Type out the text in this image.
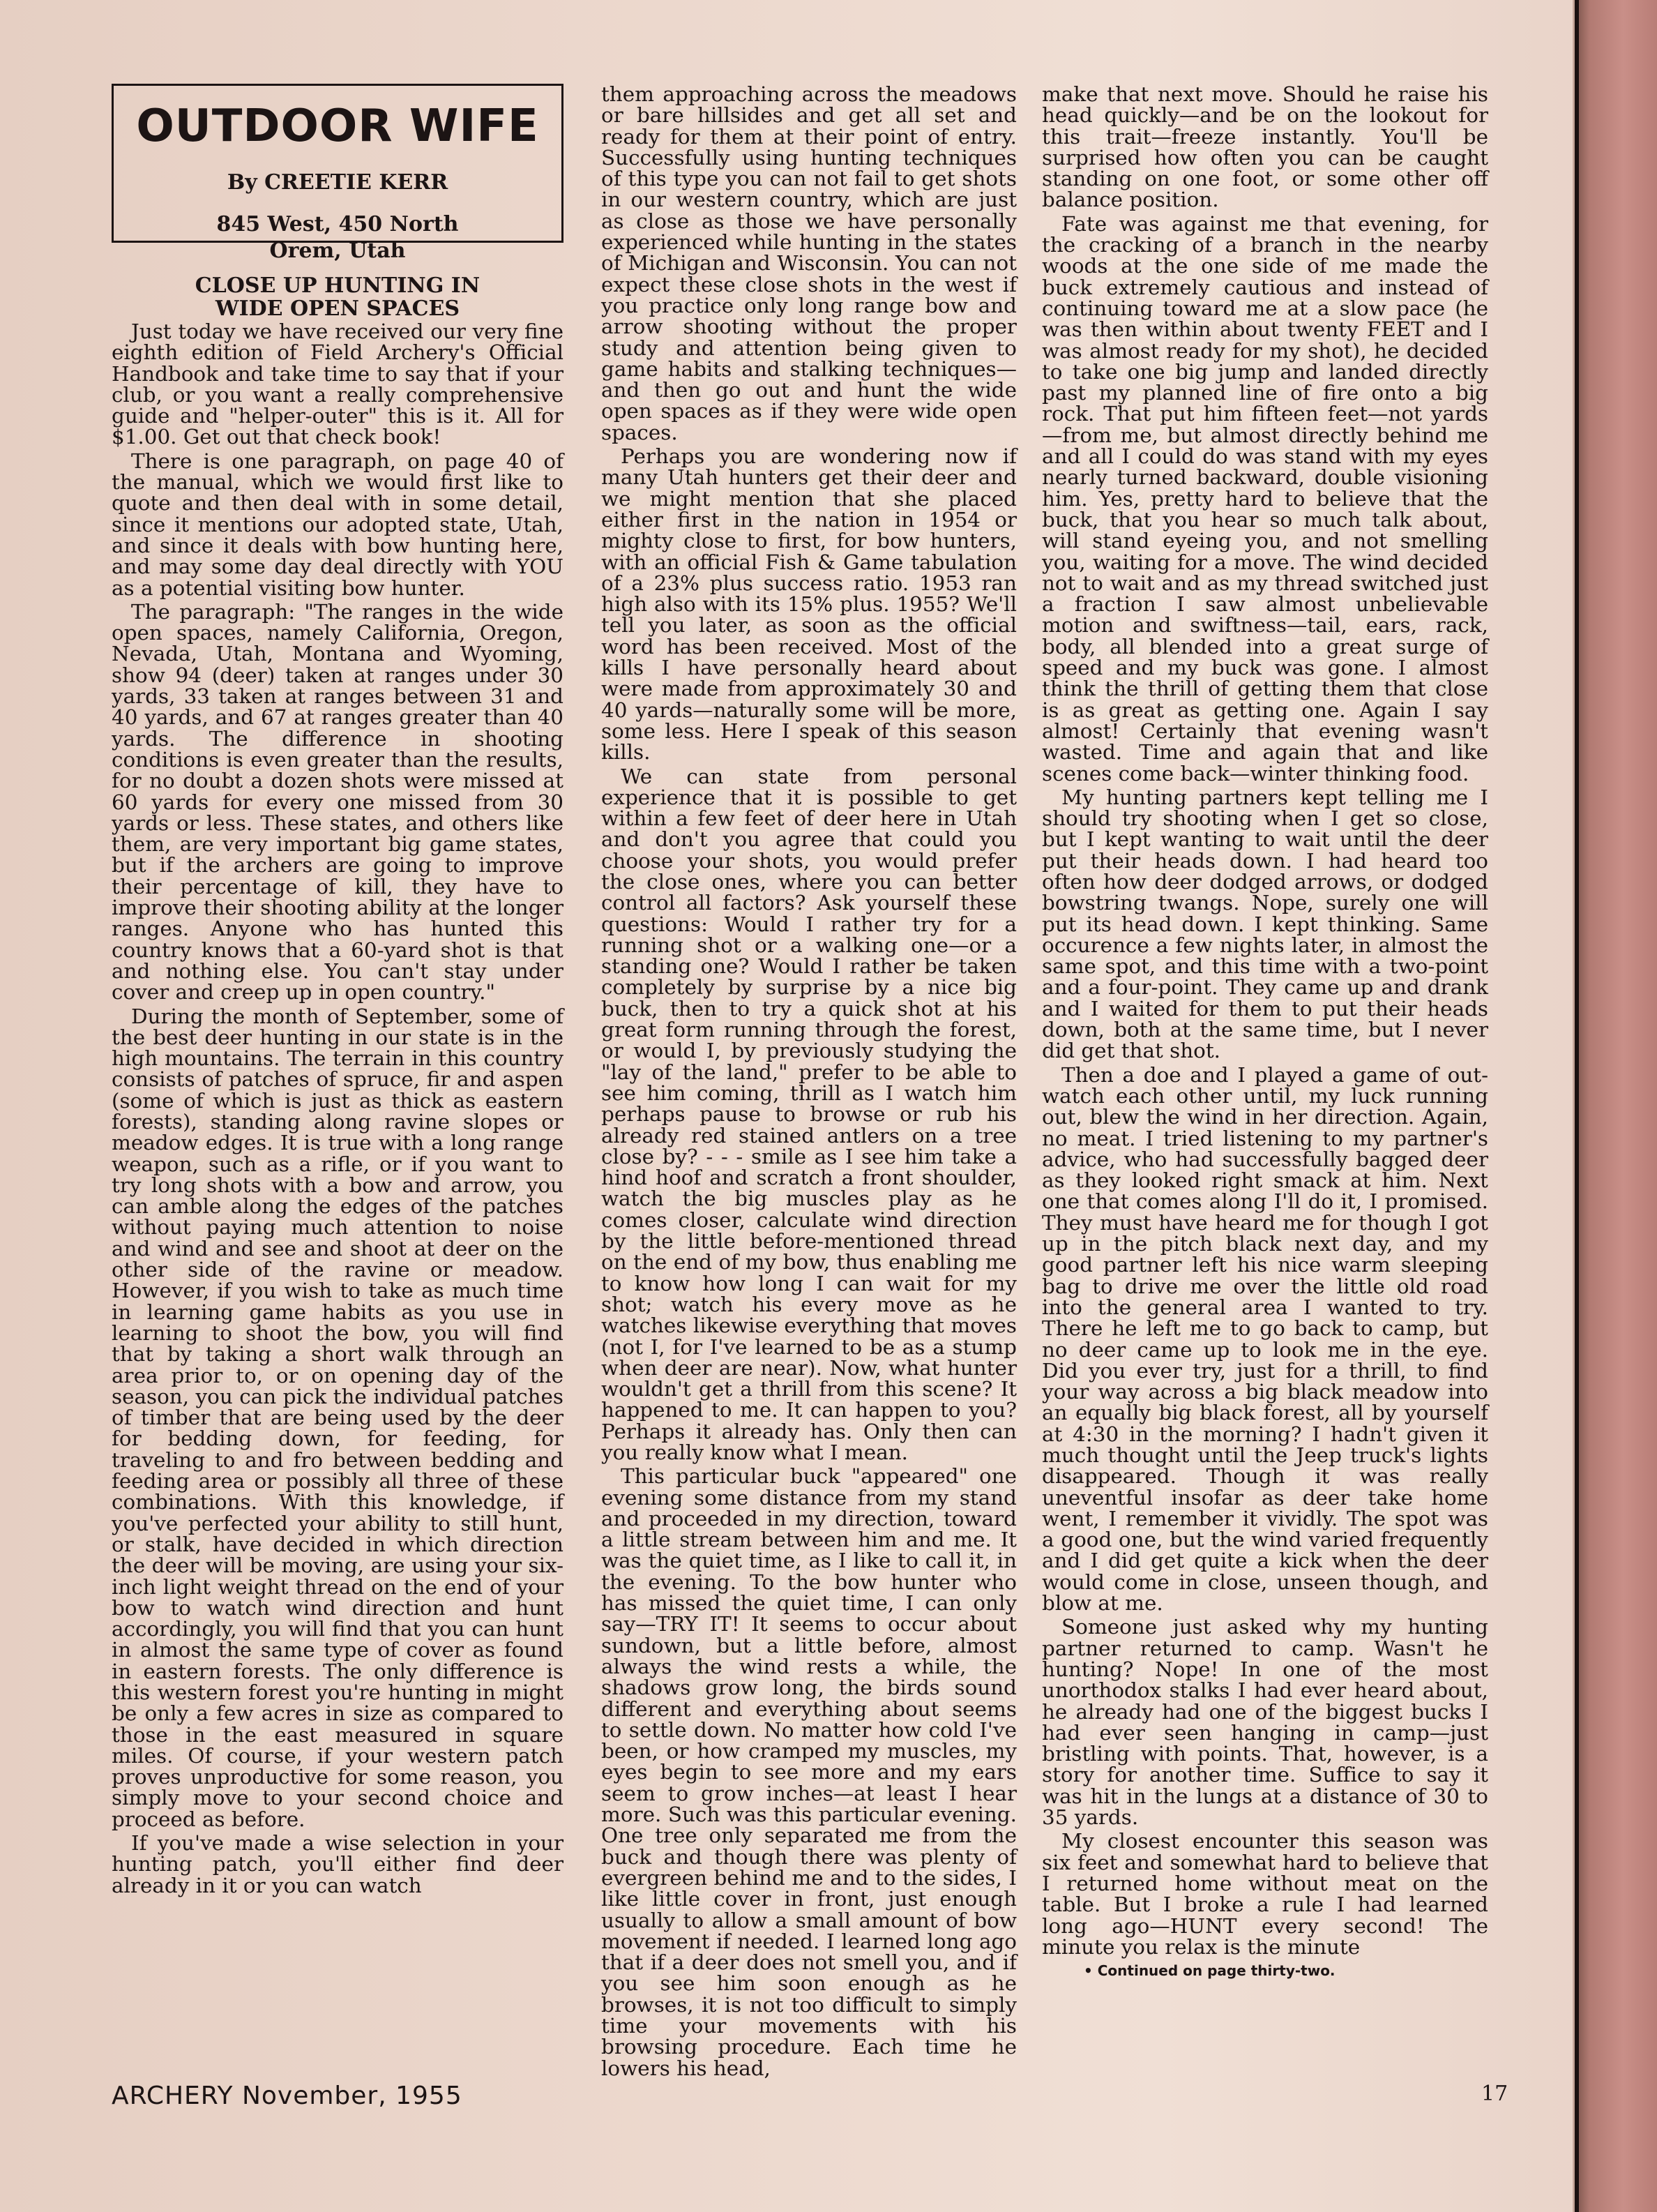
OUTDOOR WIFE
By CREETIE KERR
845 West, 450 North
Orem, Utah
CLOSE UP HUNTING IN
WIDE OPEN SPACES

Just today we have received our very fine eighth edition of Field Archery's Official Handbook and take time to say that if your club, or you want a really comprehensive guide and "helper-outer" this is it. All for $1.00. Get out that check book!

There is one paragraph, on page 40 of the manual, which we would first like to quote and then deal with in some detail, since it mentions our adopted state, Utah, and since it deals with bow hunting here, and may some day deal directly with YOU as a potential visiting bow hunter.

The paragraph: "The ranges in the wide open spaces, namely California, Oregon, Nevada, Utah, Montana and Wyoming, show 94 (deer) taken at ranges under 30 yards, 33 taken at ranges between 31 and 40 yards, and 67 at ranges greater than 40 yards. The difference in shooting conditions is even greater than the results, for no doubt a dozen shots were missed at 60 yards for every one missed from 30 yards or less. These states, and others like them, are very important big game states, but if the archers are going to improve their percentage of kill, they have to improve their shooting ability at the longer ranges. Anyone who has hunted this country knows that a 60-yard shot is that and nothing else. You can't stay under cover and creep up in open country."

During the month of September, some of the best deer hunting in our state is in the high mountains. The terrain in this country consists of patches of spruce, fir and aspen (some of which is just as thick as eastern forests), standing along ravine slopes or meadow edges. It is true with a long range weapon, such as a rifle, or if you want to try long shots with a bow and arrow, you can amble along the edges of the patches without paying much attention to noise and wind and see and shoot at deer on the other side of the ravine or meadow. However, if you wish to take as much time in learning game habits as you use in learning to shoot the bow, you will find that by taking a short walk through an area prior to, or on opening day of the season, you can pick the individual patches of timber that are being used by the deer for bedding down, for feeding, for traveling to and fro between bedding and feeding area or possibly all three of these combinations. With this knowledge, if you've perfected your ability to still hunt, or stalk, have decided in which direction the deer will be moving, are using your six-inch light weight thread on the end of your bow to watch wind direction and hunt accordingly, you will find that you can hunt in almost the same type of cover as found in eastern forests. The only difference is this western forest you're hunting in might be only a few acres in size as compared to those in the east measured in square miles. Of course, if your western patch proves unproductive for some reason, you simply move to your second choice and proceed as before.

If you've made a wise selection in your hunting patch, you'll either find deer already in it or you can watch

them approaching across the meadows or bare hillsides and get all set and ready for them at their point of entry. Successfully using hunting techniques of this type you can not fail to get shots in our western country, which are just as close as those we have personally experienced while hunting in the states of Michigan and Wisconsin. You can not expect these close shots in the west if you practice only long range bow and arrow shooting without the proper study and attention being given to game habits and stalking techniques—and then go out and hunt the wide open spaces as if they were wide open spaces.

Perhaps you are wondering now if many Utah hunters get their deer and we might mention that she placed either first in the nation in 1954 or mighty close to first, for bow hunters, with an official Fish & Game tabulation of a 23% plus success ratio. 1953 ran high also with its 15% plus. 1955? We'll tell you later, as soon as the official word has been received. Most of the kills I have personally heard about were made from approximately 30 and 40 yards—naturally some will be more, some less. Here I speak of this season kills.

We can state from personal experience that it is possible to get within a few feet of deer here in Utah and don't you agree that could you choose your shots, you would prefer the close ones, where you can better control all factors? Ask yourself these questions: Would I rather try for a running shot or a walking one—or a standing one? Would I rather be taken completely by surprise by a nice big buck, then to try a quick shot at his great form running through the forest, or would I, by previously studying the "lay of the land," prefer to be able to see him coming, thrill as I watch him perhaps pause to browse or rub his already red stained antlers on a tree close by? - - - smile as I see him take a hind hoof and scratch a front shoulder, watch the big muscles play as he comes closer, calculate wind direction by the little before-mentioned thread on the end of my bow, thus enabling me to know how long I can wait for my shot; watch his every move as he watches likewise everything that moves (not I, for I've learned to be as a stump when deer are near). Now, what hunter wouldn't get a thrill from this scene? It happened to me. It can happen to you? Perhaps it already has. Only then can you really know what I mean.

This particular buck "appeared" one evening some distance from my stand and proceeded in my direction, toward a little stream between him and me. It was the quiet time, as I like to call it, in the evening. To the bow hunter who has missed the quiet time, I can only say—TRY IT! It seems to occur about sundown, but a little before, almost always the wind rests a while, the shadows grow long, the birds sound different and everything about seems to settle down. No matter how cold I've been, or how cramped my muscles, my eyes begin to see more and my ears seem to grow inches—at least I hear more. Such was this particular evening. One tree only separated me from the buck and though there was plenty of evergreen behind me and to the sides, I like little cover in front, just enough usually to allow a small amount of bow movement if needed. I learned long ago that if a deer does not smell you, and if you see him soon enough as he browses, it is not too difficult to simply time your movements with his browsing procedure. Each time he lowers his head,

make that next move. Should he raise his head quickly—and be on the lookout for this trait—freeze instantly. You'll be surprised how often you can be caught standing on one foot, or some other off balance position.

Fate was against me that evening, for the cracking of a branch in the nearby woods at the one side of me made the buck extremely cautious and instead of continuing toward me at a slow pace (he was then within about twenty FEET and I was almost ready for my shot), he decided to take one big jump and landed directly past my planned line of fire onto a big rock. That put him fifteen feet—not yards—from me, but almost directly behind me and all I could do was stand with my eyes nearly turned backward, double visioning him. Yes, pretty hard to believe that the buck, that you hear so much talk about, will stand eyeing you, and not smelling you, waiting for a move. The wind decided not to wait and as my thread switched just a fraction I saw almost unbelievable motion and swiftness—tail, ears, rack, body, all blended into a great surge of speed and my buck was gone. I almost think the thrill of getting them that close is as great as getting one. Again I say almost! Certainly that evening wasn't wasted. Time and again that and like scenes come back—winter thinking food.

My hunting partners kept telling me I should try shooting when I get so close, but I kept wanting to wait until the deer put their heads down. I had heard too often how deer dodged arrows, or dodged bowstring twangs. Nope, surely one will put its head down. I kept thinking. Same occurence a few nights later, in almost the same spot, and this time with a two-point and a four-point. They came up and drank and I waited for them to put their heads down, both at the same time, but I never did get that shot.

Then a doe and I played a game of out-watch each other until, my luck running out, blew the wind in her direction. Again, no meat. I tried listening to my partner's advice, who had successfully bagged deer as they looked right smack at him. Next one that comes along I'll do it, I promised. They must have heard me for though I got up in the pitch black next day, and my good partner left his nice warm sleeping bag to drive me over the little old road into the general area I wanted to try. There he left me to go back to camp, but no deer came up to look me in the eye. Did you ever try, just for a thrill, to find your way across a big black meadow into an equally big black forest, all by yourself at 4:30 in the morning? I hadn't given it much thought until the Jeep truck's lights disappeared. Though it was really uneventful insofar as deer take home went, I remember it vividly. The spot was a good one, but the wind varied frequently and I did get quite a kick when the deer would come in close, unseen though, and blow at me.

Someone just asked why my hunting partner returned to camp. Wasn't he hunting? Nope! In one of the most unorthodox stalks I had ever heard about, he already had one of the biggest bucks I had ever seen hanging in camp—just bristling with points. That, however, is a story for another time. Suffice to say it was hit in the lungs at a distance of 30 to 35 yards.

My closest encounter this season was six feet and somewhat hard to believe that I returned home without meat on the table. But I broke a rule I had learned long ago—HUNT every second! The minute you relax is the minute

• Continued on page thirty-two.
ARCHERY November, 1955	17
